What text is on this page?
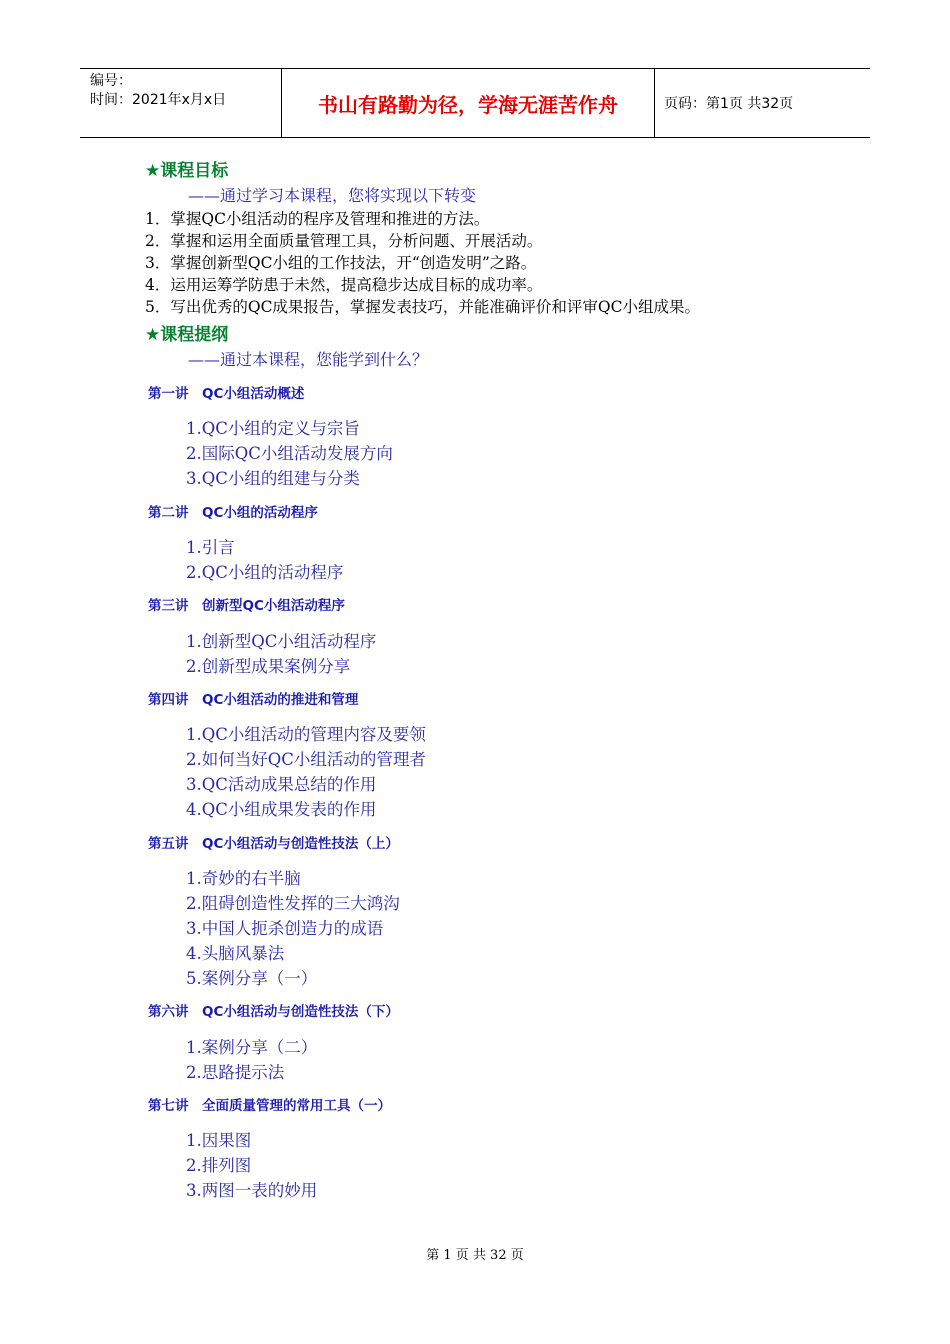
编号：
时间：2021年x月x日	书山有路勤为径，学海无涯苦作舟	页码：第1页 共32页
★课程目标
——通过学习本课程，您将实现以下转变
1．掌握QC小组活动的程序及管理和推进的方法。
2．掌握和运用全面质量管理工具，分析问题、开展活动。
3．掌握创新型QC小组的工作技法，开“创造发明”之路。
4．运用运筹学防患于未然，提高稳步达成目标的成功率。
5．写出优秀的QC成果报告，掌握发表技巧，并能准确评价和评审QC小组成果。
★课程提纲
——通过本课程，您能学到什么？
第一讲　QC小组活动概述
1.QC小组的定义与宗旨
2.国际QC小组活动发展方向
3.QC小组的组建与分类
第二讲　QC小组的活动程序
1.引言
2.QC小组的活动程序
第三讲　创新型QC小组活动程序
1.创新型QC小组活动程序
2.创新型成果案例分享
第四讲　QC小组活动的推进和管理
1.QC小组活动的管理内容及要领
2.如何当好QC小组活动的管理者
3.QC活动成果总结的作用
4.QC小组成果发表的作用
第五讲　QC小组活动与创造性技法（上）
1.奇妙的右半脑
2.阻碍创造性发挥的三大鸿沟
3.中国人扼杀创造力的成语
4.头脑风暴法
5.案例分享（一）
第六讲　QC小组活动与创造性技法（下）
1.案例分享（二）
2.思路提示法
第七讲　全面质量管理的常用工具（一）
1.因果图
2.排列图
3.两图一表的妙用
第 1 页 共 32 页
